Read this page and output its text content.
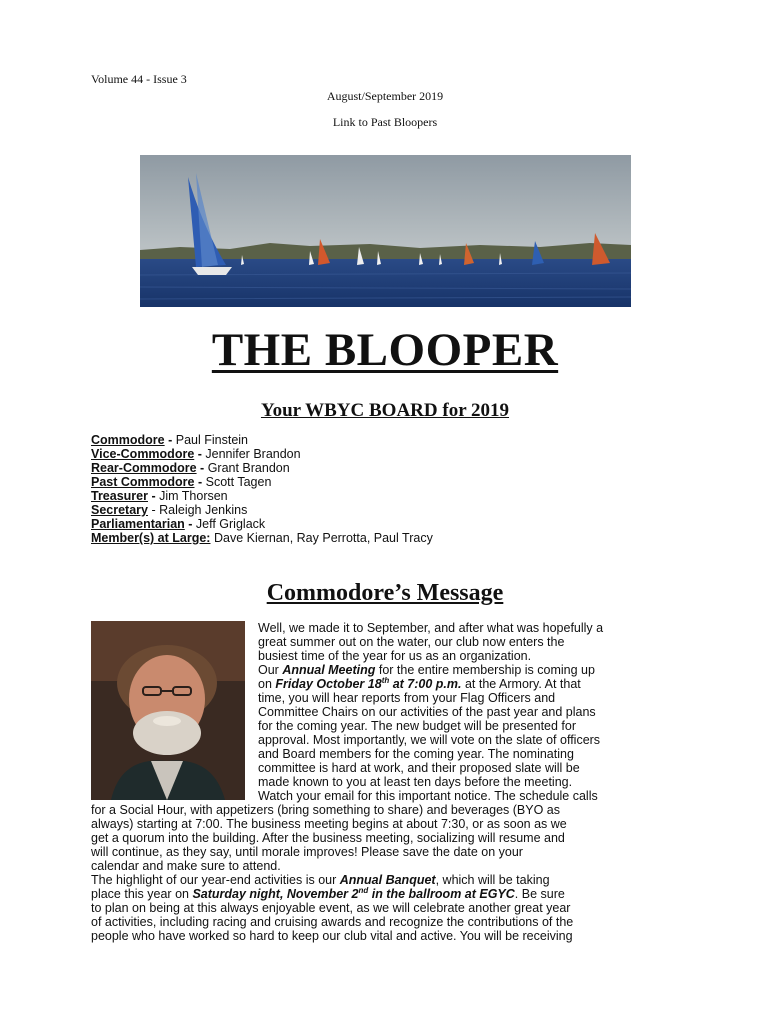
Volume 44 - Issue 3
August/September 2019
Link to Past Bloopers
THE BLOOPER
Your WBYC BOARD for 2019
Commodore - Paul Finstein
Vice-Commodore - Jennifer Brandon
Rear-Commodore - Grant Brandon
Past Commodore - Scott Tagen
Treasurer - Jim Thorsen
Secretary - Raleigh Jenkins
Parliamentarian - Jeff Griglack
Member(s) at Large: Dave Kiernan, Ray Perrotta, Paul Tracy
Commodore’s Message
Well, we made it to September, and after what was hopefully a
great summer out on the water, our club now enters the
busiest time of the year for us as an organization.
Our Annual Meeting for the entire membership is coming up
on Friday October 18th at 7:00 p.m. at the Armory. At that
time, you will hear reports from your Flag Officers and
Committee Chairs on our activities of the past year and plans
for the coming year. The new budget will be presented for
approval. Most importantly, we will vote on the slate of officers
and Board members for the coming year. The nominating
committee is hard at work, and their proposed slate will be
made known to you at least ten days before the meeting.
Watch your email for this important notice. The schedule calls
for a Social Hour, with appetizers (bring something to share) and beverages (BYO as
always) starting at 7:00. The business meeting begins at about 7:30, or as soon as we
get a quorum into the building. After the business meeting, socializing will resume and
will continue, as they say, until morale improves! Please save the date on your
calendar and make sure to attend.
The highlight of our year-end activities is our Annual Banquet, which will be taking
place this year on Saturday night, November 2nd in the ballroom at EGYC. Be sure
to plan on being at this always enjoyable event, as we will celebrate another great year
of activities, including racing and cruising awards and recognize the contributions of the
people who have worked so hard to keep our club vital and active. You will be receiving
